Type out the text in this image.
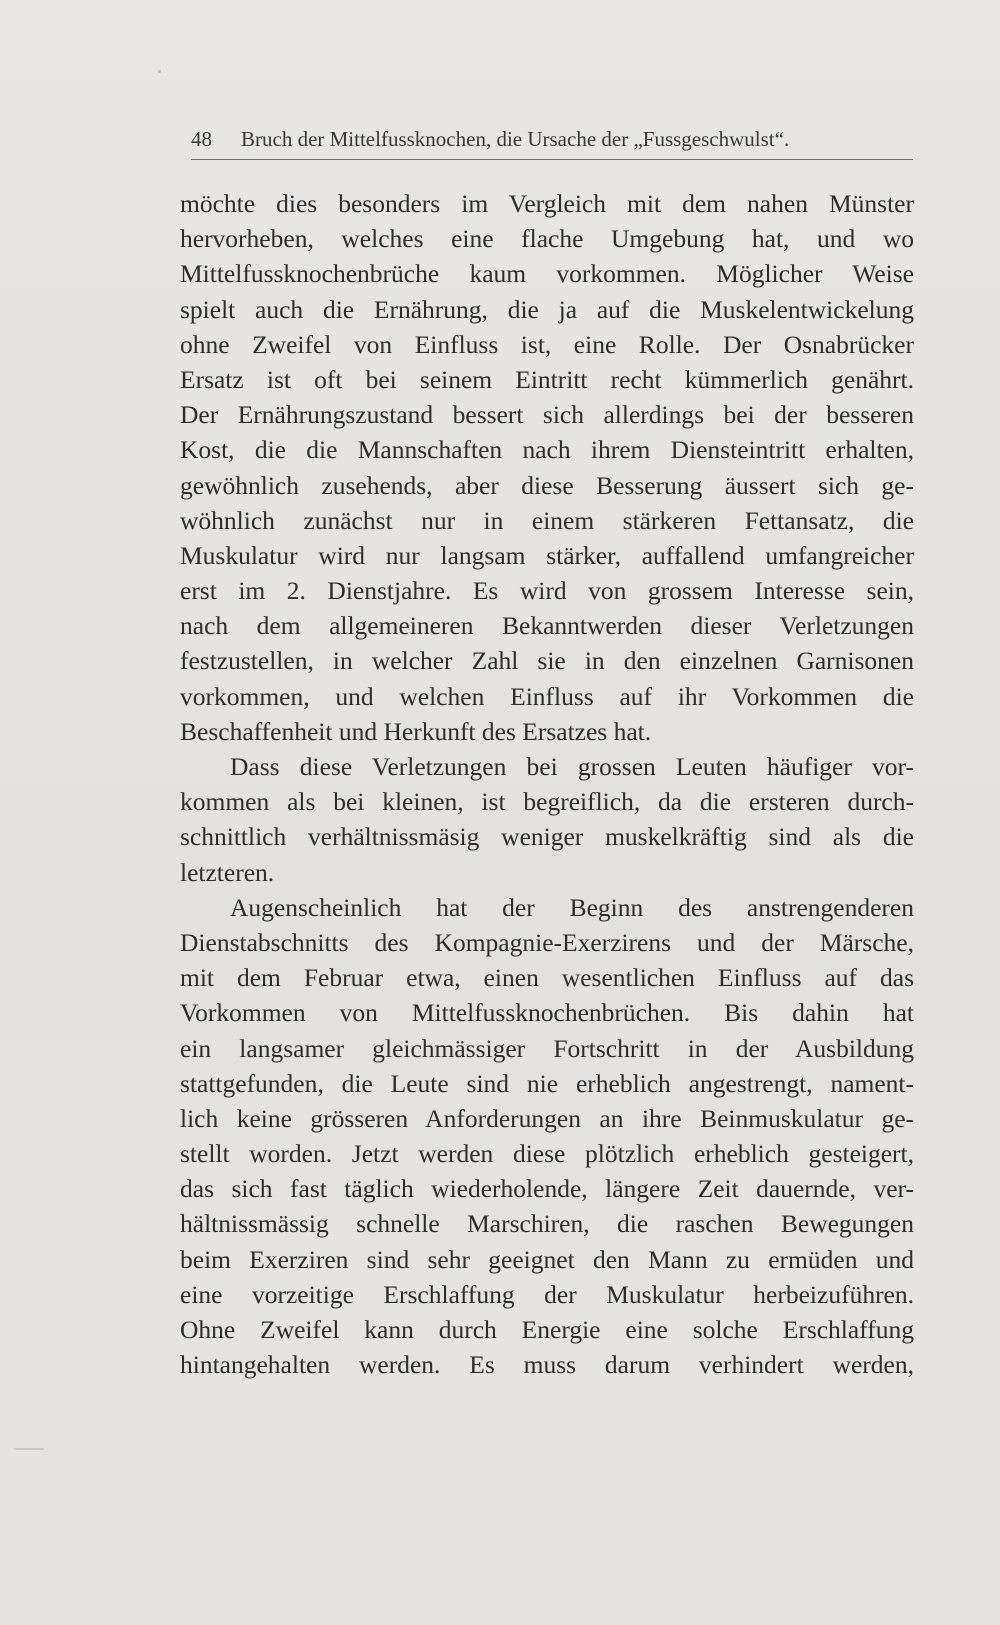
48 Bruch der Mittelfussknochen, die Ursache der „Fussgeschwulst“.
möchte dies besonders im Vergleich mit dem nahen Münster
hervorheben, welches eine flache Umgebung hat, und wo
Mittelfussknochenbrüche kaum vorkommen. Möglicher Weise
spielt auch die Ernährung, die ja auf die Muskelentwickelung
ohne Zweifel von Einfluss ist, eine Rolle. Der Osnabrücker
Ersatz ist oft bei seinem Eintritt recht kümmerlich genährt.
Der Ernährungszustand bessert sich allerdings bei der besseren
Kost, die die Mannschaften nach ihrem Diensteintritt erhalten,
gewöhnlich zusehends, aber diese Besserung äussert sich ge-
wöhnlich zunächst nur in einem stärkeren Fettansatz, die
Muskulatur wird nur langsam stärker, auffallend umfangreicher
erst im 2. Dienstjahre. Es wird von grossem Interesse sein,
nach dem allgemeineren Bekanntwerden dieser Verletzungen
festzustellen, in welcher Zahl sie in den einzelnen Garnisonen
vorkommen, und welchen Einfluss auf ihr Vorkommen die
Beschaffenheit und Herkunft des Ersatzes hat.
Dass diese Verletzungen bei grossen Leuten häufiger vor-
kommen als bei kleinen, ist begreiflich, da die ersteren durch-
schnittlich verhältnissmäsig weniger muskelkräftig sind als die
letzteren.
Augenscheinlich hat der Beginn des anstrengenderen
Dienstabschnitts des Kompagnie-Exerzirens und der Märsche,
mit dem Februar etwa, einen wesentlichen Einfluss auf das
Vorkommen von Mittelfussknochenbrüchen. Bis dahin hat
ein langsamer gleichmässiger Fortschritt in der Ausbildung
stattgefunden, die Leute sind nie erheblich angestrengt, nament-
lich keine grösseren Anforderungen an ihre Beinmuskulatur ge-
stellt worden. Jetzt werden diese plötzlich erheblich gesteigert,
das sich fast täglich wiederholende, längere Zeit dauernde, ver-
hältnissmässig schnelle Marschiren, die raschen Bewegungen
beim Exerziren sind sehr geeignet den Mann zu ermüden und
eine vorzeitige Erschlaffung der Muskulatur herbeizuführen.
Ohne Zweifel kann durch Energie eine solche Erschlaffung
hintangehalten werden. Es muss darum verhindert werden,
